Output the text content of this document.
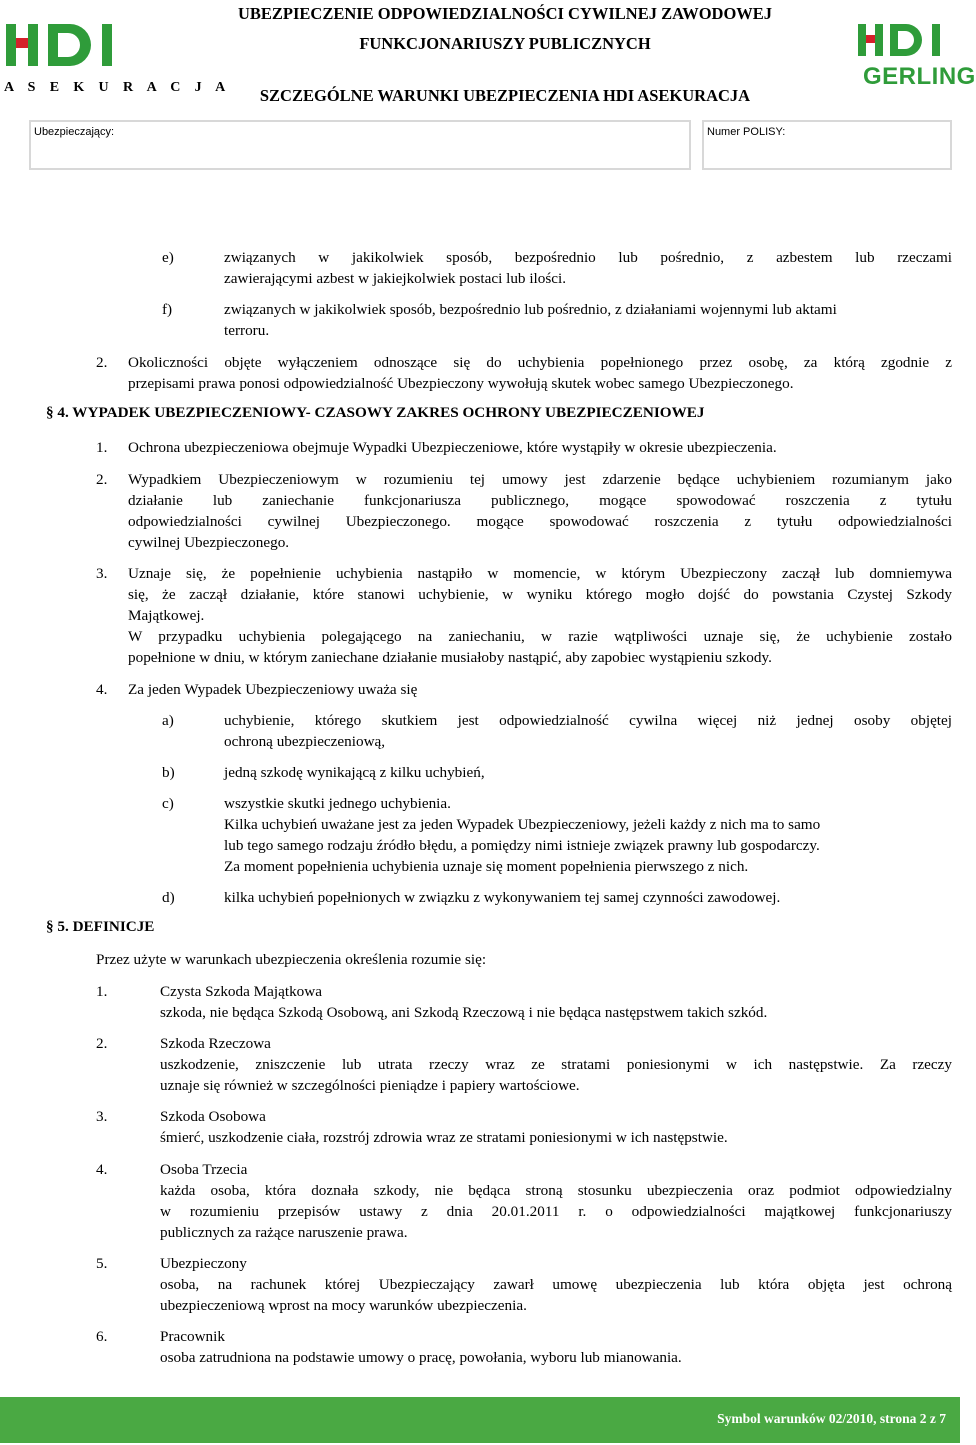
A S E K U R A C J A	GERLING
UBEZPIECZENIE ODPOWIEDZIALNOŚCI CYWILNEJ ZAWODOWEJ
FUNKCJONARIUSZY PUBLICZNYCH
SZCZEGÓLNE WARUNKI UBEZPIECZENIA HDI ASEKURACJA
Ubezpieczający:	Numer POLISY:
e)	związanych w jakikolwiek sposób, bezpośrednio lub pośrednio, z azbestem lub rzeczami
zawierającymi azbest w jakiejkolwiek postaci lub ilości.
f)	związanych w jakikolwiek sposób, bezpośrednio lub pośrednio, z działaniami wojennymi lub aktami
terroru.
2. Okoliczności objęte wyłączeniem odnoszące się do uchybienia popełnionego przez osobę, za którą zgodnie z
przepisami prawa ponosi odpowiedzialność Ubezpieczony wywołują skutek wobec samego Ubezpieczonego.
§ 4. WYPADEK UBEZPIECZENIOWY- CZASOWY ZAKRES OCHRONY UBEZPIECZENIOWEJ
1. Ochrona ubezpieczeniowa obejmuje Wypadki Ubezpieczeniowe, które wystąpiły w okresie ubezpieczenia.
2. Wypadkiem Ubezpieczeniowym w rozumieniu tej umowy jest zdarzenie będące uchybieniem rozumianym jako
działanie lub zaniechanie funkcjonariusza publicznego, mogące spowodować roszczenia z tytułu
odpowiedzialności cywilnej Ubezpieczonego. mogące spowodować roszczenia z tytułu odpowiedzialności
cywilnej Ubezpieczonego.
3. Uznaje się, że popełnienie uchybienia nastąpiło w momencie, w którym Ubezpieczony zaczął lub domniemywa
się, że zaczął działanie, które stanowi uchybienie, w wyniku którego mogło dojść do powstania Czystej Szkody
Majątkowej.
W przypadku uchybienia polegającego na zaniechaniu, w razie wątpliwości uznaje się, że uchybienie zostało
popełnione w dniu, w którym zaniechane działanie musiałoby nastąpić, aby zapobiec wystąpieniu szkody.
4. Za jeden Wypadek Ubezpieczeniowy uważa się
a)	uchybienie, którego skutkiem jest odpowiedzialność cywilna więcej niż jednej osoby objętej
ochroną ubezpieczeniową,
b)	jedną szkodę wynikającą z kilku uchybień,
c)	wszystkie skutki jednego uchybienia.
Kilka uchybień uważane jest za jeden Wypadek Ubezpieczeniowy, jeżeli każdy z nich ma to samo
lub tego samego rodzaju źródło błędu, a pomiędzy nimi istnieje związek prawny lub gospodarczy.
Za moment popełnienia uchybienia uznaje się moment popełnienia pierwszego z nich.
d)	kilka uchybień popełnionych w związku z wykonywaniem tej samej czynności zawodowej.
§ 5. DEFINICJE
Przez użyte w warunkach ubezpieczenia określenia rozumie się:
1.	Czysta Szkoda Majątkowa
szkoda, nie będąca Szkodą Osobową, ani Szkodą Rzeczową i nie będąca następstwem takich szkód.
2.	Szkoda Rzeczowa
uszkodzenie, zniszczenie lub utrata rzeczy wraz ze stratami poniesionymi w ich następstwie. Za rzeczy
uznaje się również w szczególności pieniądze i papiery wartościowe.
3.	Szkoda Osobowa
śmierć, uszkodzenie ciała, rozstrój zdrowia wraz ze stratami poniesionymi w ich następstwie.
4.	Osoba Trzecia
każda osoba, która doznała szkody, nie będąca stroną stosunku ubezpieczenia oraz podmiot odpowiedzialny
w rozumieniu przepisów ustawy z dnia 20.01.2011 r. o odpowiedzialności majątkowej funkcjonariuszy
publicznych za rażące naruszenie prawa.
5.	Ubezpieczony
osoba, na rachunek której Ubezpieczający zawarł umowę ubezpieczenia lub która objęta jest ochroną
ubezpieczeniową wprost na mocy warunków ubezpieczenia.
6.	Pracownik
osoba zatrudniona na podstawie umowy o pracę, powołania, wyboru lub mianowania.
Symbol warunków 02/2010, strona 2 z 7
